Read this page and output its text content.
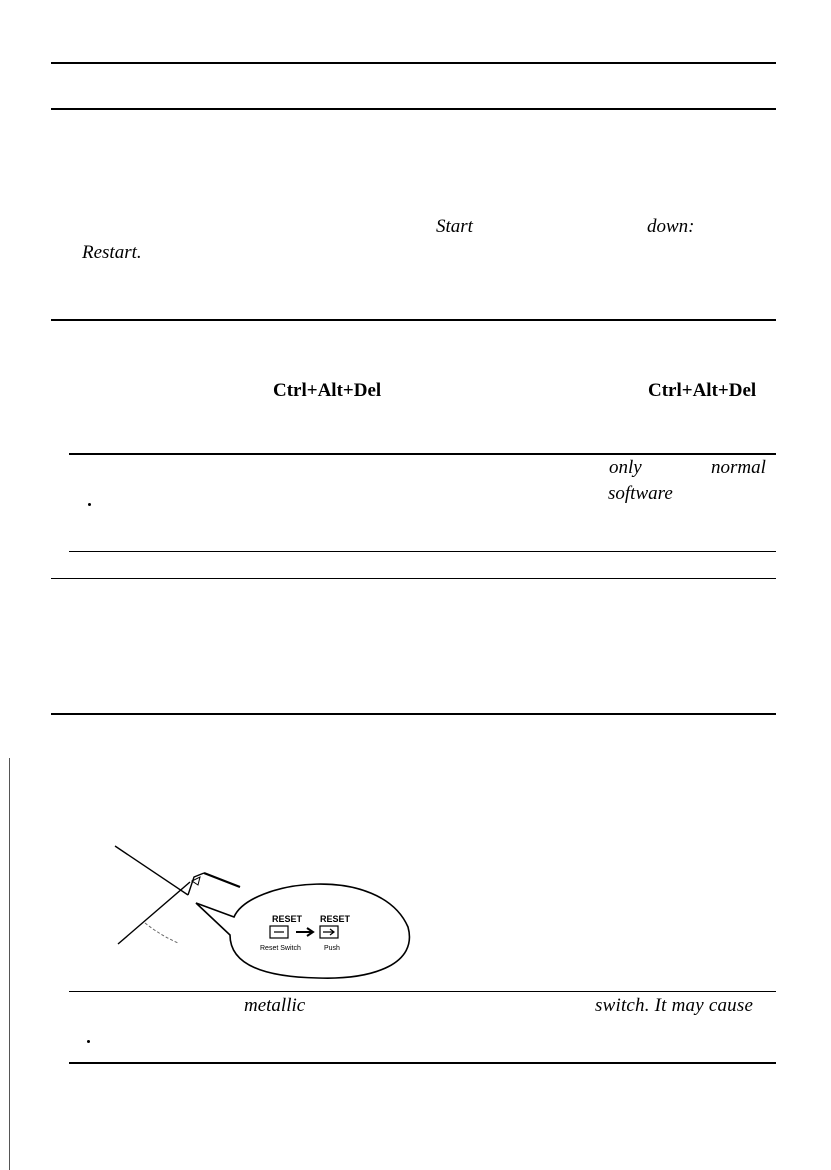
Start	down:
Restart.
Ctrl+Alt+Del	Ctrl+Alt+Del
only	normal
software
RESET RESET
Reset Switch	Push
metallic	switch. It may cause
